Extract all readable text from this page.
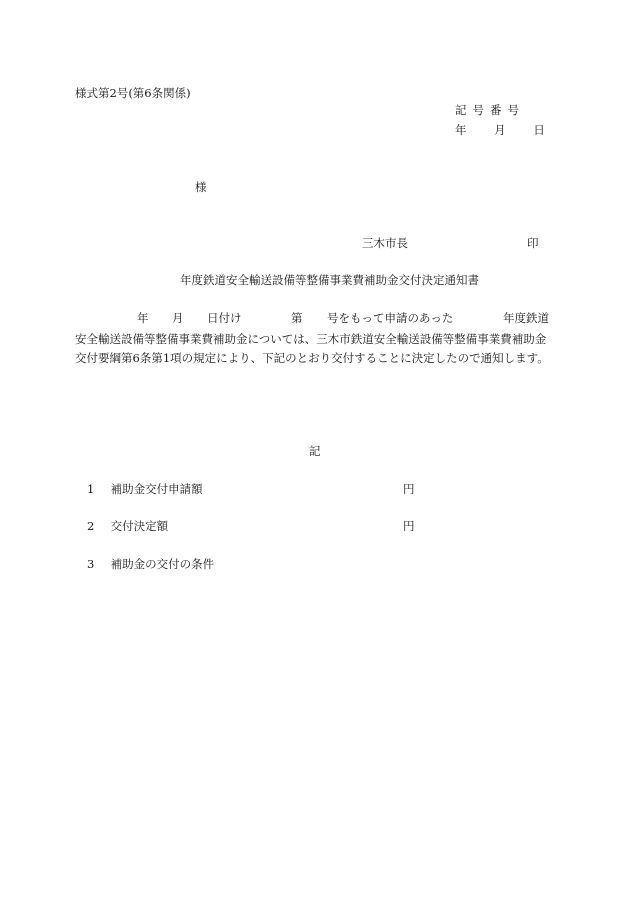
様式第2号(第6条関係)
記号番号
年 月 日
様
三木市長	印
年度鉄道安全輸送設備等整備事業費補助金交付決定通知書
年 月 日付け	第 号をもって申請のあった	年度鉄道
安全輸送設備等整備事業費補助金については、三木市鉄道安全輸送設備等整備事業費補助金交付要綱第6条第1項の規定により、下記のとおり交付することに決定したので通知します。
記
1 補助金交付申請額	円
2 交付決定額	円
3 補助金の交付の条件
